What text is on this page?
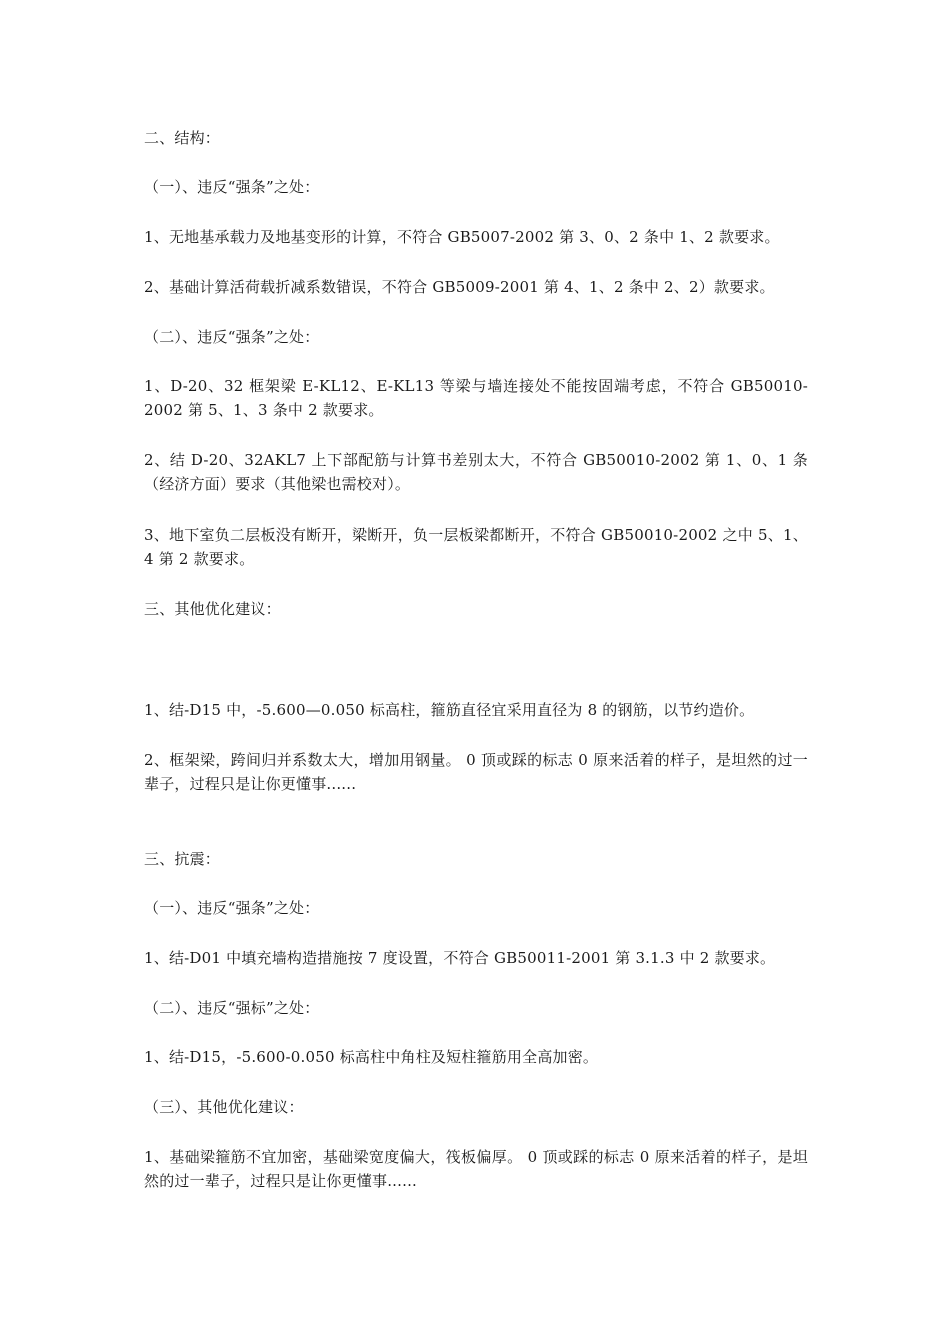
二、结构：

（一）、违反“强条”之处：

1、无地基承载力及地基变形的计算，不符合 GB5007-2002 第 3、0、2 条中 1、2 款要求。

2、基础计算活荷载折减系数错误，不符合 GB5009-2001 第 4、1、2 条中 2、2）款要求。

（二）、违反“强条”之处：

1、D-20、32 框架梁 E-KL12、E-KL13 等梁与墙连接处不能按固端考虑，不符合 GB50010-2002 第 5、1、3 条中 2 款要求。

2、结 D-20、32AKL7 上下部配筋与计算书差别太大，不符合 GB50010-2002 第 1、0、1 条（经济方面）要求（其他梁也需校对）。

3、地下室负二层板没有断开，梁断开，负一层板梁都断开，不符合 GB50010-2002 之中 5、1、4 第 2 款要求。

三、其他优化建议：

1、结-D15 中，-5.600—0.050 标高柱，箍筋直径宜采用直径为 8 的钢筋，以节约造价。

2、框架梁，跨间归并系数太大，增加用钢量。 0 顶或踩的标志 0 原来活着的样子，是坦然的过一辈子，过程只是让你更懂事......

三、抗震：

（一）、违反“强条”之处：

1、结-D01 中填充墙构造措施按 7 度设置，不符合 GB50011-2001 第 3.1.3 中 2 款要求。

（二）、违反“强标”之处：

1、结-D15，-5.600-0.050 标高柱中角柱及短柱箍筋用全高加密。

（三）、其他优化建议：

1、基础梁箍筋不宜加密，基础梁宽度偏大，筏板偏厚。 0 顶或踩的标志 0 原来活着的样子，是坦然的过一辈子，过程只是让你更懂事......
